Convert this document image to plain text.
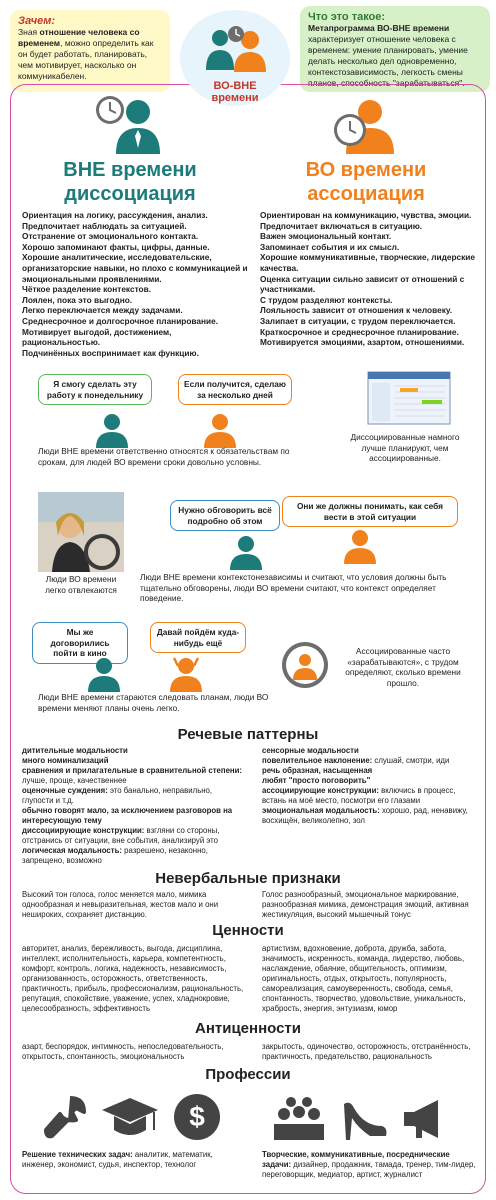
Зачем:
Зная отношение человека со временем, можно определить как он будет работать, планировать, чем мотивирует, насколько он коммуникабелен.
Что это такое:
Метапрограмма ВО-ВНЕ времени характеризует отношение человека с временем: умение планировать, умение делать несколько дел одновременно, контекстозависимость, легкость смены планов, способность "зарабатываться".
ВО-ВНЕ
времени
ВНЕ времени
диссоциация
ВО времени
ассоциация
Ориентация на логику, рассуждения, анализ.
Предпочитает наблюдать за ситуацией.
Отстранение от эмоционального контакта.
Хорошо запоминают факты, цифры, данные.
Хорошие аналитические, исследовательские, организаторские навыки, но плохо с коммуникацией и эмоциональными проявлениями.
Чёткое разделение контекстов.
Лоялен, пока это выгодно.
Легко переключается между задачами.
Среднесрочное и долгосрочное планирование.
Мотивирует выгодой, достижением, рациональностью.
Подчинённых воспринимает как функцию.
Ориентирован на коммуникацию, чувства, эмоции.
Предпочитает включаться в ситуацию.
Важен эмоциональный контакт.
Запоминает события и их смысл.
Хорошие коммуникативные, творческие, лидерские качества.
Оценка ситуации сильно зависит от отношений с участниками.
С трудом разделяют контексты.
Лояльность зависит от отношения к человеку.
Залипает в ситуации, с трудом переключается.
Краткосрочное и среднесрочное планирование.
Мотивируется эмоциями, азартом, отношениями.
Я смогу сделать эту работу к понедельнику
Если получится, сделаю за несколько дней
Люди ВНЕ времени ответственно относятся к обязательствам по срокам, для людей ВО времени сроки довольно условны.
Диссоциированные намного лучше планируют, чем ассоциированные.
Люди ВО времени легко отвлекаются
Нужно обговорить всё подробно об этом
Они же должны понимать, как себя вести в этой ситуации
Люди ВНЕ времени контекстонезависимы и считают, что условия должны быть тщательно обговорены, люди ВО времени считают, что контекст определяет поведение.
Мы же договорились пойти в кино
Давай пойдём куда-нибудь ещё
Ассоциированные часто «зарабатываются», с трудом определяют, сколько времени прошло.
Люди ВНЕ времени стараются следовать планам, люди ВО времени меняют планы очень легко.
Речевые паттерны
дитительные модальности
много номинализаций
сравнения и прилагательные в сравнительной степени: лучше, проще, качественнее
оценочные суждения: это банально, неправильно, глупости и т.д.
обычно говорят мало, за исключением разговоров на интересующую тему
диссоциирующие конструкции: взгляни со стороны, отстранись от ситуации, вне события, анализируй это
логическая модальность: разрешено, незаконно, запрещено, возможно
сенсорные модальности
повелительное наклонение: слушай, смотри, иди
речь образная, насыщенная
любят "просто поговорить"
ассоциирующие конструкции: включись в процесс, встань на моё место, посмотри его глазами
эмоциональная модальность: хорошо, рад, ненавижу, восхищён, великолепно, зол
Невербальные признаки
Высокий тон голоса, голос меняется мало, мимика однообразная и невыразительная, жестов мало и они нешироких, сохраняет дистанцию.
Голос разнообразный, эмоциональное маркирование, разнообразная мимика, демонстрация эмоций, активная жестикуляция, высокий мышечный тонус
Ценности
авторитет, анализ, бережливость, выгода, дисциплина, интеллект, исполнительность, карьера, компетентность, комфорт, контроль, логика, надежность, независимость, организованность, осторожность, ответственность, практичность, прибыль, профессионализм, рациональность, репутация, спокойствие, уважение, успех, хладнокровие, целесообразность, эффективность
артистизм, вдохновение, доброта, дружба, забота, значимость, искренность, команда, лидерство, любовь, наслаждение, обаяние, общительность, оптимизм, оригинальность, отдых, открытость, популярность, самореализация, самоуверенность, свобода, семья, спонтанность, творчество, удовольствие, уникальность, храбрость, энергия, энтузиазм, юмор
Антиценности
азарт, беспорядок, интимность, непоследовательность, открытость, спонтанность, эмоциональность
закрытость, одиночество, осторожность, отстранённость, практичность, предательство, рациональность
Профессии
$
Решение технических задач: аналитик, математик, инженер, экономист, судья, инспектор, технолог
Творческие, коммуникативные, посреднические задачи: дизайнер, продажник, тамада, тренер, тим-лидер, переговорщик, медиатор, артист, журналист
